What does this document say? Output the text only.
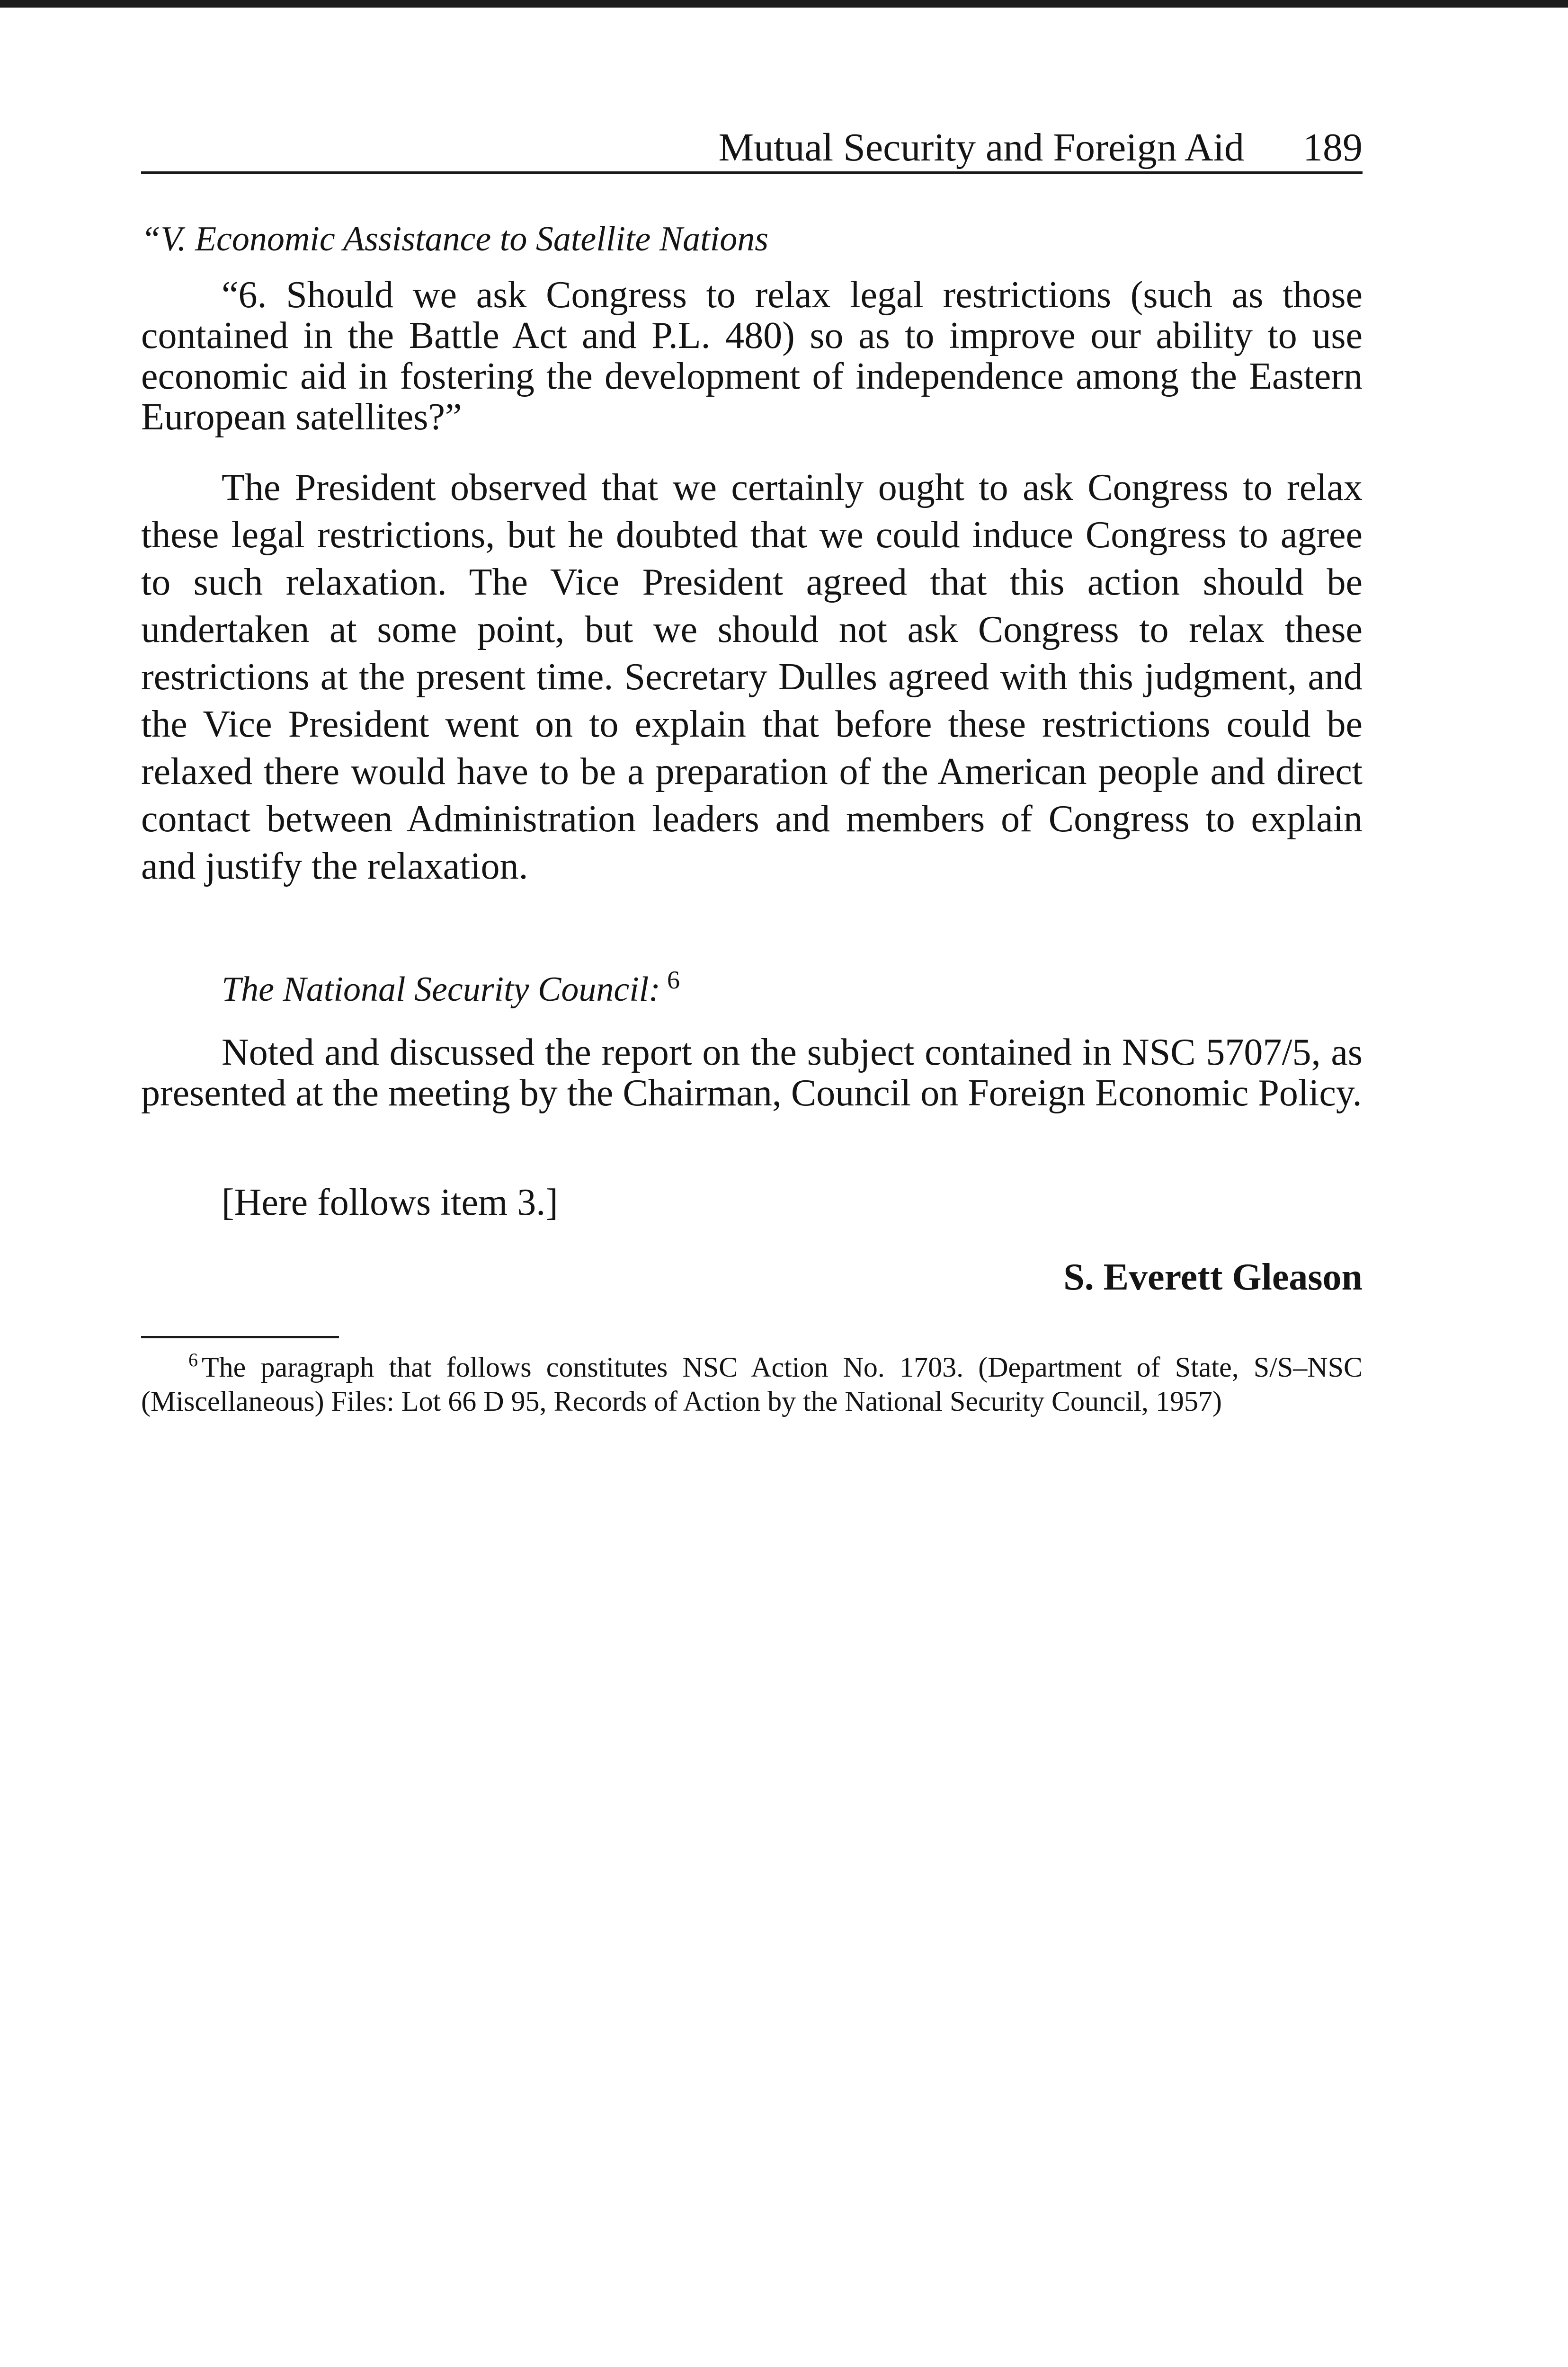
Mutual Security and Foreign Aid 189
“V. Economic Assistance to Satellite Nations

“6. Should we ask Congress to relax legal restrictions (such as those contained in the Battle Act and P.L. 480) so as to improve our ability to use economic aid in fostering the development of independence among the Eastern European satellites?”

The President observed that we certainly ought to ask Congress to relax these legal restrictions, but he doubted that we could induce Congress to agree to such relaxation. The Vice President agreed that this action should be undertaken at some point, but we should not ask Congress to relax these restrictions at the present time. Secretary Dulles agreed with this judgment, and the Vice President went on to explain that before these restrictions could be relaxed there would have to be a preparation of the American people and direct contact between Administration leaders and members of Congress to explain and justify the relaxation.

The National Security Council: $^6$

Noted and discussed the report on the subject contained in NSC 5707/5, as presented at the meeting by the Chairman, Council on Foreign Economic Policy.

[Here follows item 3.]
S. Everett Gleason

$^6$ The paragraph that follows constitutes NSC Action No. 1703. (Department of State, S/S–NSC (Miscellaneous) Files: Lot 66 D 95, Records of Action by the National Security Council, 1957)
